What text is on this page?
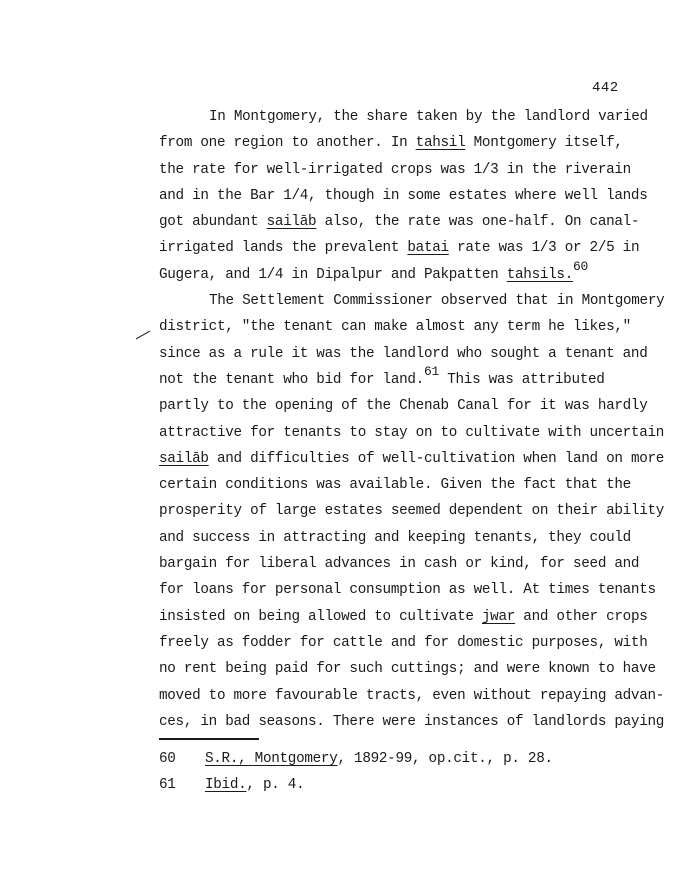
442
In Montgomery, the share taken by the landlord varied
from one region to another. In tahsil Montgomery itself,
the rate for well-irrigated crops was 1/3 in the riverain
and in the Bar 1/4, though in some estates where well lands
got abundant sailāb also, the rate was one-half. On canal-
irrigated lands the prevalent batai rate was 1/3 or 2/5 in
Gugera, and 1/4 in Dipalpur and Pakpatten tahsils.60
The Settlement Commissioner observed that in Montgomery
district, "the tenant can make almost any term he likes,"
since as a rule it was the landlord who sought a tenant and
not the tenant who bid for land.61 This was attributed
partly to the opening of the Chenab Canal for it was hardly
attractive for tenants to stay on to cultivate with uncertain
sailāb and difficulties of well-cultivation when land on more
certain conditions was available. Given the fact that the
prosperity of large estates seemed dependent on their ability
and success in attracting and keeping tenants, they could
bargain for liberal advances in cash or kind, for seed and
for loans for personal consumption as well. At times tenants
insisted on being allowed to cultivate jwar and other crops
freely as fodder for cattle and for domestic purposes, with
no rent being paid for such cuttings; and were known to have
moved to more favourable tracts, even without repaying advan-
ces, in bad seasons. There were instances of landlords paying
60 S.R., Montgomery, 1892-99, op.cit., p. 28.
61 Ibid., p. 4.
